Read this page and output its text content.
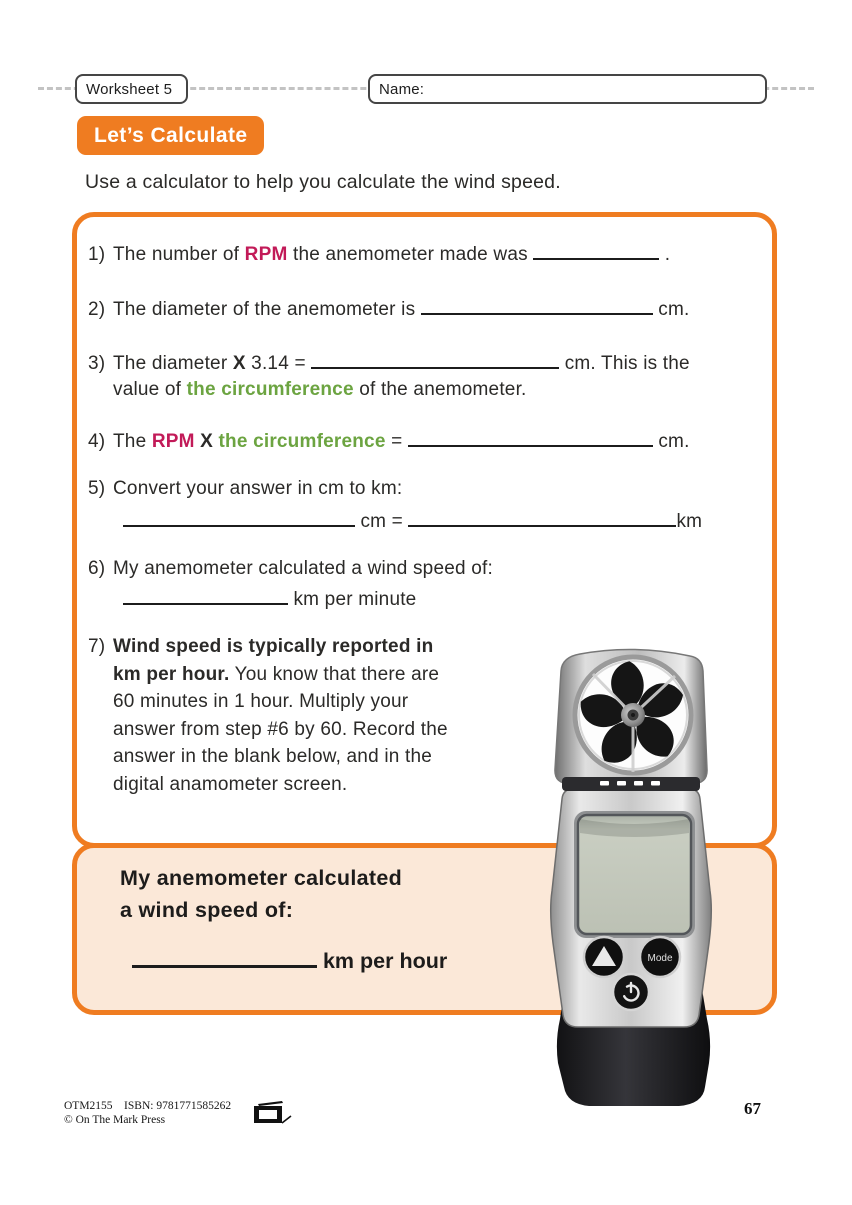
Worksheet 5	Name:
Let’s Calculate
Use a calculator to help you calculate the wind speed.
1) The number of RPM the anemometer made was	.
2) The diameter of the anemometer is	cm.
3) The diameter X 3.14 =	cm. This is the
value of the circumference of the anemometer.
4) The RPM X the circumference =	cm.
5) Convert your answer in cm to km:
cm =	km
6) My anemometer calculated a wind speed of:
km per minute
7) Wind speed is typically reported in km per hour. You know that there are 60 minutes in 1 hour. Multiply your answer from step #6 by 60. Record the answer in the blank below, and in the digital anamometer screen.
My anemometer calculated
a wind speed of:
km per hour	Mode
OTM2155    ISBN: 9781771585262
© On The Mark Press
67
